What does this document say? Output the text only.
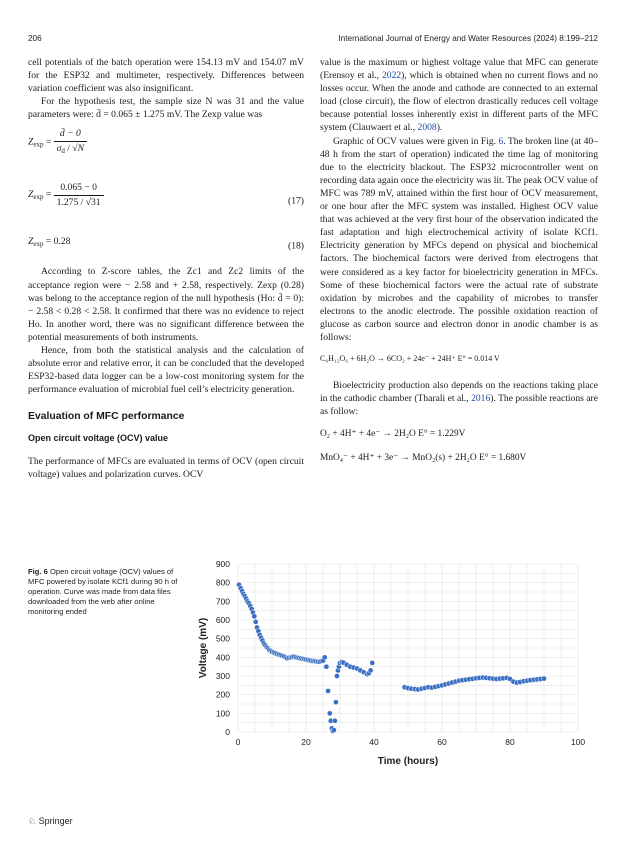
206	International Journal of Energy and Water Resources (2024) 8:199–212

cell potentials of the batch operation were 154.13 mV and 154.07 mV for the ESP32 and multimeter, respectively. Differences between variation coefficient was also insignificant.

For the hypothesis test, the sample size N was 31 and the value parameters were: d̄ = 0.065 ± 1.275 mV. The Zexp value was

$Z_{exp} = \frac{d̄ - 0}{\sigma_d / √N}$
$Z_{exp} = \frac{0.065 - 0}{1.275 / √31}$	(17)
$Z_{exp} = 0.28$	(18)

According to Z-score tables, the Zc1 and Zc2 limits of the acceptance region were − 2.58 and + 2.58, respectively. Zexp (0.28) was belong to the acceptance region of the null hypothesis (Ho: d̄ = 0): − 2.58 < 0.28 < 2.58. It confirmed that there was no evidence to reject Ho. In another word, there was no significant difference between the potential measurements of both instruments.

Hence, from both the statistical analysis and the calculation of absolute error and relative error, it can be concluded that the developed ESP32-based data logger can be a low-cost monitoring system for the performance evaluation of microbial fuel cell’s electricity generation.

Evaluation of MFC performance
Open circuit voltage (OCV) value

The performance of MFCs are evaluated in terms of OCV (open circuit voltage) values and polarization curves. OCV

value is the maximum or highest voltage value that MFC can generate (Erensoy et al., 2022), which is obtained when no current flows and no losses occur. When the anode and cathode are connected to an external load (close circuit), the flow of electron drastically reduces cell voltage because potential losses inherently exist in different parts of the MFC system (Clauwaert et al., 2008).

Graphic of OCV values were given in Fig. 6. The broken line (at 40–48 h from the start of operation) indicated the time lag of monitoring due to the electricity blackout. The ESP32 microcontroller went on recording data again once the electricity was lit. The peak OCV value of MFC was 789 mV, attained within the first hour of OCV measurement, or one hour after the MFC system was installed. Highest OCV value that was achieved at the very first hour of the observation indicated the fast adaptation and high electrochemical activity of isolate KCf1. Electricity generation by MFCs depend on physical and biochemical factors. The biochemical factors were derived from electrogens that were considered as a key factor for bioelectricity generation in MFCs. Some of these biochemical factors were the actual rate of substrate oxidation by microbes and the capability of microbes to transfer electrons to the anodic electrode. The possible oxidation reaction of glucose as carbon source and electron donor in anodic chamber is as follows:

C₆H₁₂O₆ + 6H₂O → 6CO₂ + 24e⁻ + 24H⁺ E° = 0.014 V

Bioelectricity production also depends on the reactions taking place in the cathodic chamber (Tharali et al., 2016). The possible reactions are as follow:

O₂ + 4H⁺ + 4e⁻ → 2H₂O E° = 1.229V
MnO₄⁻ + 4H⁺ + 3e⁻ → MnO₂(s) + 2H₂O E° = 1.680V
Fig. 6 Open circuit voltage (OCV) values of MFC powered by isolate KCf1 during 90 h of operation. Curve was made from data files downloaded from the web after online monitoring ended
0	20	40	60	80	100
0
100
200
300
400
500
600
700
800
900
Time (hours)
Voltage (mV)
♘ Springer
